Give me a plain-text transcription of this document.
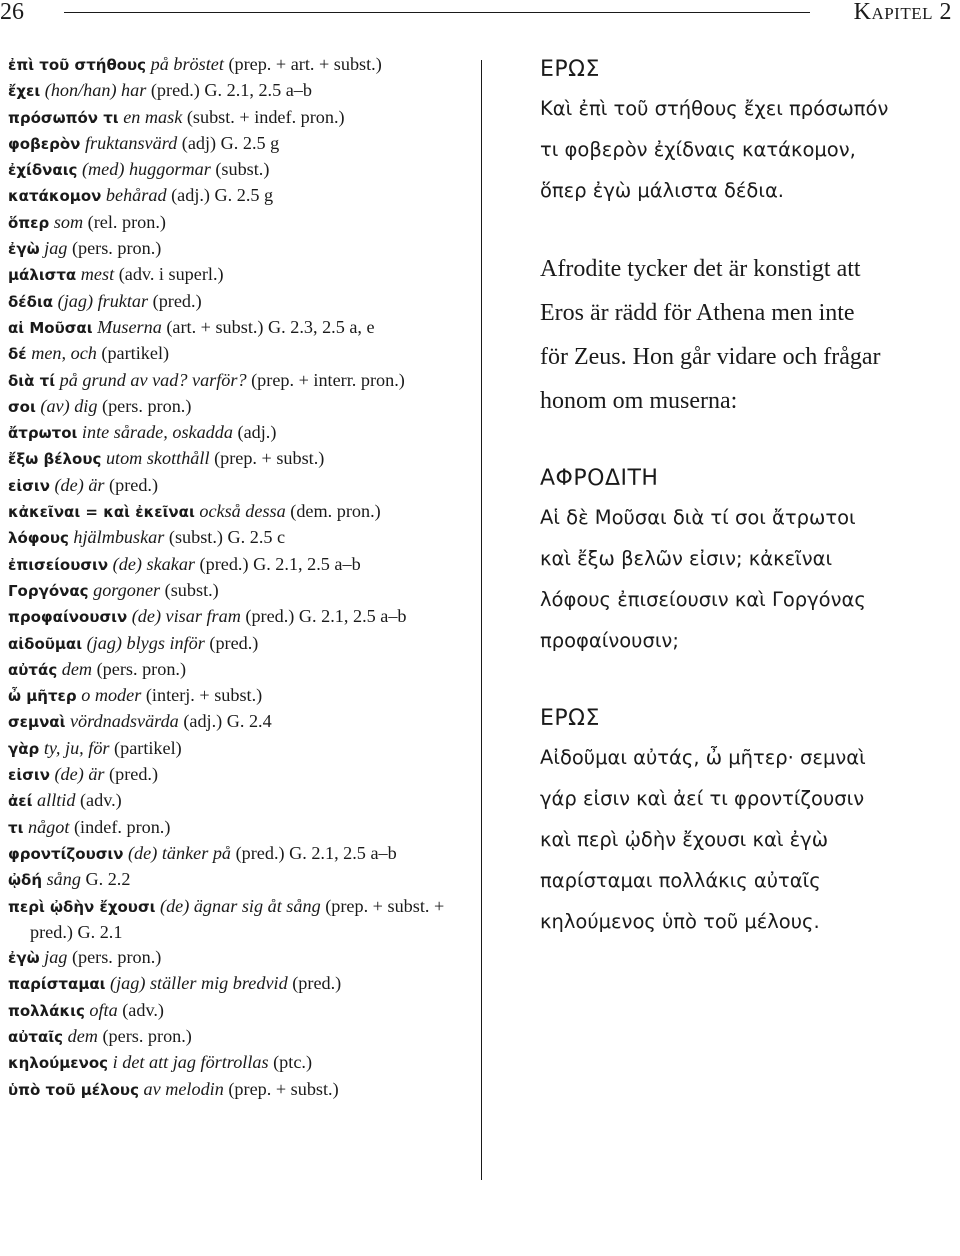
26	Kapitel 2
ἐπὶ τοῦ στήθους på bröstet (prep. + art. + subst.)
ἔχει (hon/han) har (pred.) G. 2.1, 2.5 a–b
πρόσωπόν τι en mask (subst. + indef. pron.)
φοβερὸν fruktansvärd (adj) G. 2.5 g
ἐχίδναις (med) huggormar (subst.)
κατάκομον behårad (adj.) G. 2.5 g
ὅπερ som (rel. pron.)
ἐγὼ jag (pers. pron.)
μάλιστα mest (adv. i superl.)
δέδια (jag) fruktar (pred.)
αἱ Μοῦσαι Muserna (art. + subst.) G. 2.3, 2.5 a, e
δέ men, och (partikel)
διὰ τί på grund av vad? varför? (prep. + interr. pron.)
σοι (av) dig (pers. pron.)
ἄτρωτοι inte sårade, oskadda (adj.)
ἔξω βέλους utom skotthåll (prep. + subst.)
εἰσιν (de) är (pred.)
κἀκεῖναι = καὶ ἐκεῖναι också dessa (dem. pron.)
λόφους hjälmbuskar (subst.) G. 2.5 c
ἐπισείουσιν (de) skakar (pred.) G. 2.1, 2.5 a–b
Γοργόνας gorgoner (subst.)
προφαίνουσιν (de) visar fram (pred.) G. 2.1, 2.5 a–b
αἰδοῦμαι (jag) blygs inför (pred.)
αὐτάς dem (pers. pron.)
ὦ μῆτερ o moder (interj. + subst.)
σεμναὶ vördnadsvärda (adj.) G. 2.4
γὰρ ty, ju, för (partikel)
εἰσιν (de) är (pred.)
ἀεί alltid (adv.)
τι något (indef. pron.)
φροντίζουσιν (de) tänker på (pred.) G. 2.1, 2.5 a–b
ᾠδή sång G. 2.2
περὶ ᾠδὴν ἔχουσι (de) ägnar sig åt sång (prep. + subst. + pred.) G. 2.1
ἐγὼ jag (pers. pron.)
παρίσταμαι (jag) ställer mig bredvid (pred.)
πολλάκις ofta (adv.)
αὐταῖς dem (pers. pron.)
κηλούμενος i det att jag förtrollas (ptc.)
ὑπὸ τοῦ μέλους av melodin (prep. + subst.)
ΕΡΩΣ
Καὶ ἐπὶ τοῦ στήθους ἔχει πρόσωπόν
τι φοβερὸν ἐχίδναις κατάκομον,
ὅπερ ἐγὼ μάλιστα δέδια.
Afrodite tycker det är konstigt att
Eros är rädd för Athena men inte
för Zeus. Hon går vidare och frågar
honom om muserna:
ΑΦΡΟΔΙΤΗ
Αἱ δὲ Μοῦσαι διὰ τί σοι ἄτρωτοι
καὶ ἔξω βελῶν εἰσιν; κἀκεῖναι
λόφους ἐπισείουσιν καὶ Γοργόνας
προφαίνουσιν;
ΕΡΩΣ
Αἰδοῦμαι αὐτάς, ὦ μῆτερ· σεμναὶ
γάρ εἰσιν καὶ ἀεί τι φροντίζουσιν
καὶ περὶ ᾠδὴν ἔχουσι καὶ ἐγὼ
παρίσταμαι πολλάκις αὐταῖς
κηλούμενος ὑπὸ τοῦ μέλους.
